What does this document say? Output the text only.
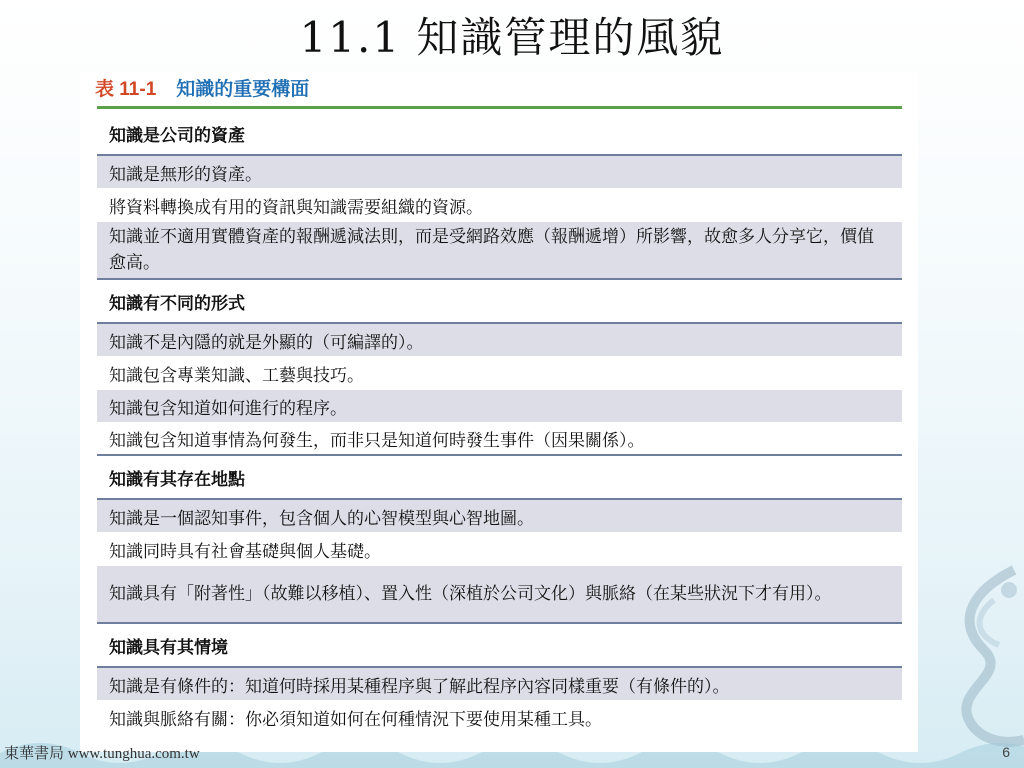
11.1 知識管理的風貌
表 11-1 知識的重要構面
知識是公司的資產
知識是無形的資產。
將資料轉換成有用的資訊與知識需要組織的資源。
知識並不適用實體資產的報酬遞減法則，而是受網路效應（報酬遞增）所影響，故愈多人分享它，價值愈高。
知識有不同的形式
知識不是內隱的就是外顯的（可編譯的）。
知識包含專業知識、工藝與技巧。
知識包含知道如何進行的程序。
知識包含知道事情為何發生，而非只是知道何時發生事件（因果關係）。
知識有其存在地點
知識是一個認知事件，包含個人的心智模型與心智地圖。
知識同時具有社會基礎與個人基礎。
知識具有「附著性」（故難以移植）、置入性（深植於公司文化）與脈絡（在某些狀況下才有用）。
知識具有其情境
知識是有條件的：知道何時採用某種程序與了解此程序內容同樣重要（有條件的）。
知識與脈絡有關：你必須知道如何在何種情況下要使用某種工具。
東華書局 www.tunghua.com.tw	6
